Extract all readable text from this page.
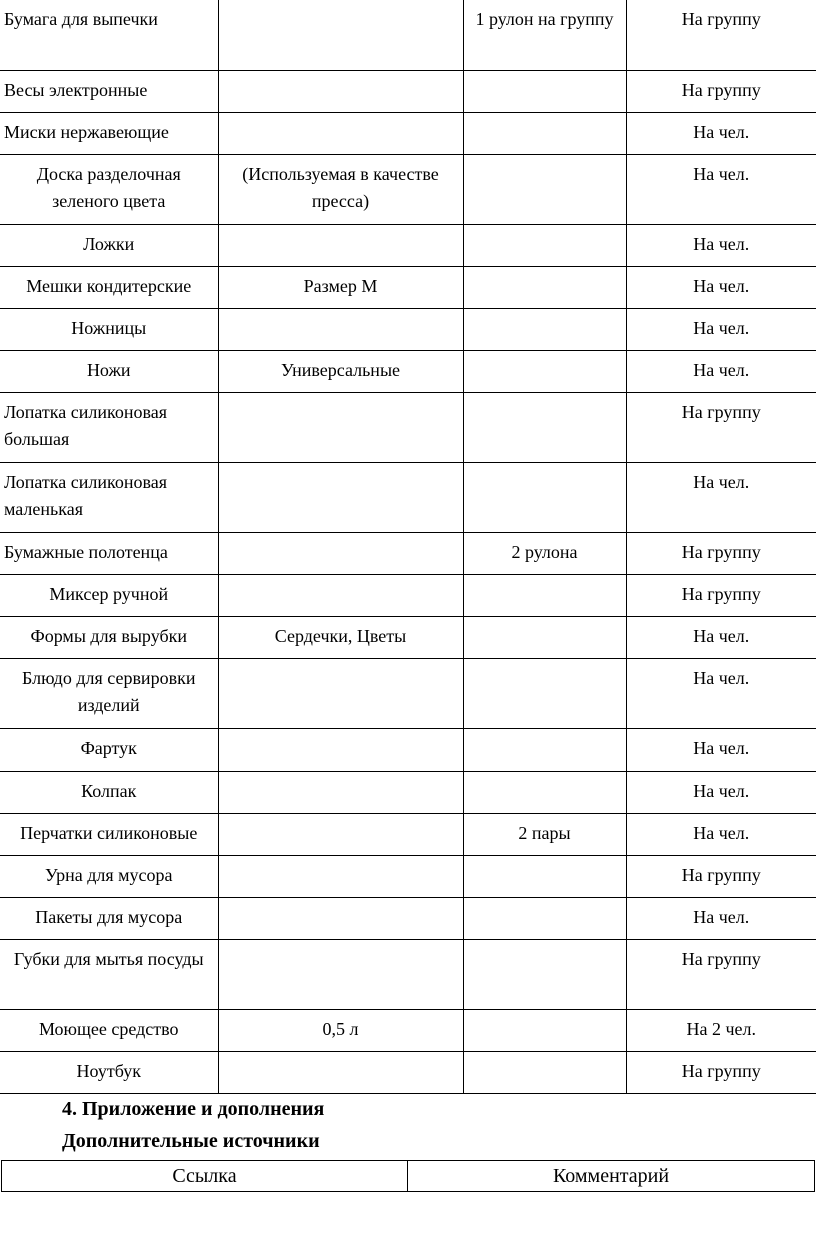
Бумага для выпечки		1 рулон на группу	На группу
Весы электронные			На группу
Миски нержавеющие			На чел.
Доска разделочная зеленого цвета	(Используемая в качестве пресса)		На чел.
Ложки			На чел.
Мешки кондитерские	Размер M		На чел.
Ножницы			На чел.
Ножи	Универсальные		На чел.
Лопатка силиконовая большая			На группу
Лопатка силиконовая маленькая			На чел.
Бумажные полотенца		2 рулона	На группу
Миксер ручной			На группу
Формы для вырубки	Сердечки, Цветы		На чел.
Блюдо для сервировки изделий			На чел.
Фартук			На чел.
Колпак			На чел.
Перчатки силиконовые		2 пары	На чел.
Урна для мусора			На группу
Пакеты для мусора			На чел.
Губки для мытья посуды			На группу
Моющее средство	0,5 л		На 2 чел.
Ноутбук			На группу
4. Приложение и дополнения
Дополнительные источники
Ссылка	Комментарий
